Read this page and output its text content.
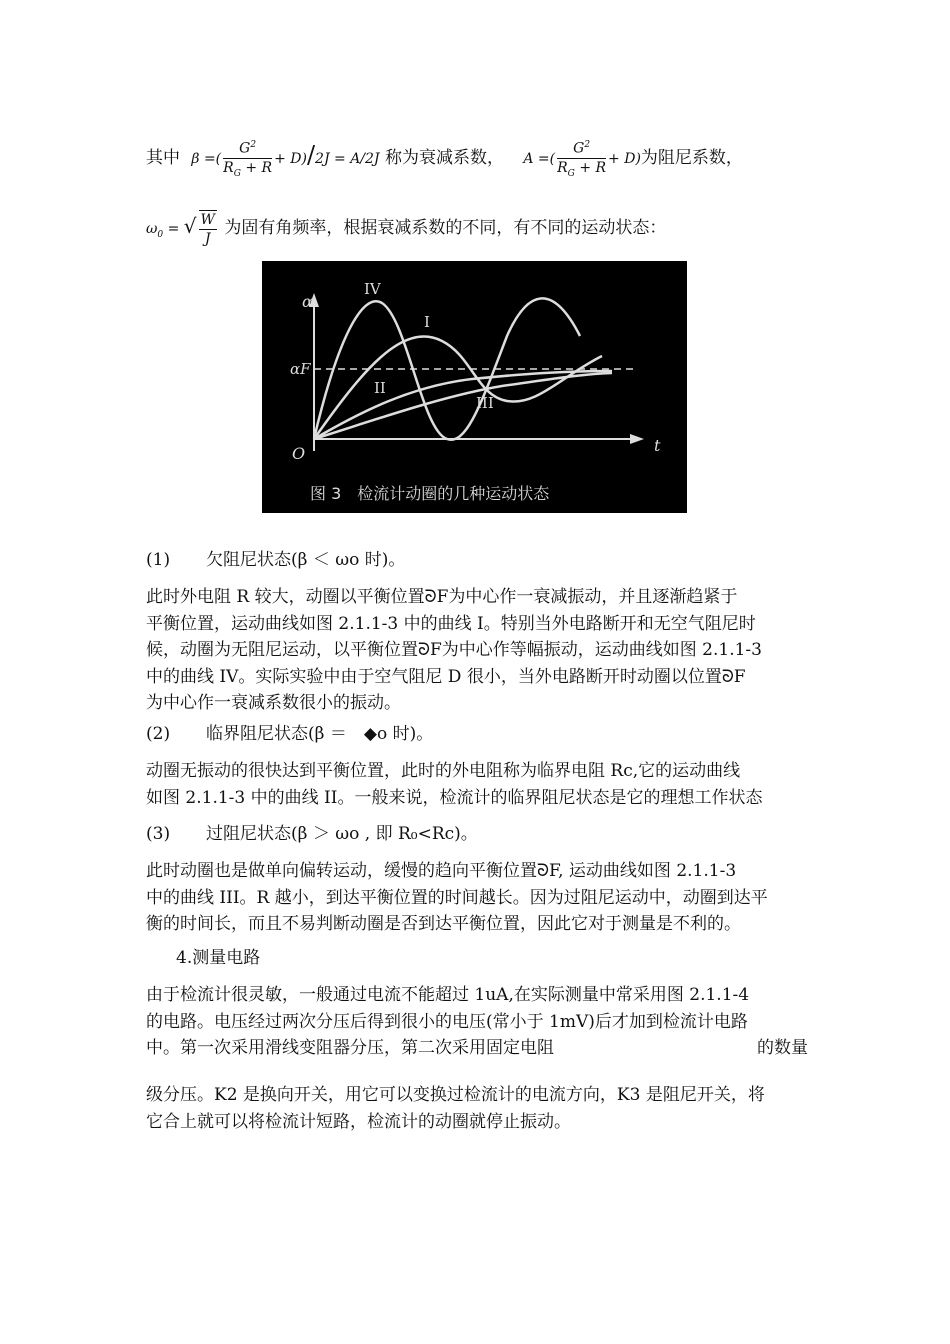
其中 β =( $\frac{G^2}{R_G + R} + D)/2J = A/2J$ 称为衰减系数， A =( $\frac{G^2}{R_G + R} + D$)为阻尼系数，
$\omega_0$ = √ $\frac{W}{J}$ 为固有角频率，根据衰减系数的不同，有不同的运动状态：
α
t
O
αF
IV
I
II
III
图 3　检流计动圈的几种运动状态
(1) 欠阻尼状态(β ＜ ωo 时)。
此时外电阻 R 较大，动圈以平衡位置ᘐF为中心作一衰减振动，并且逐渐趋紧于
平衡位置，运动曲线如图 2.1.1-3 中的曲线 I。特别当外电路断开和无空气阻尼时
候，动圈为无阻尼运动，以平衡位置ᘐF为中心作等幅振动，运动曲线如图 2.1.1-3
中的曲线 IV。实际实验中由于空气阻尼 D 很小，当外电路断开时动圈以位置ᘐF
为中心作一衰减系数很小的振动。
(2) 临界阻尼状态(β ＝　◆o 时)。
动圈无振动的很快达到平衡位置，此时的外电阻称为临界电阻 Rc,它的运动曲线
如图 2.1.1-3 中的曲线 II。一般来说，检流计的临界阻尼状态是它的理想工作状态
(3) 过阻尼状态(β ＞ ωo , 即 R₀<Rc)。
此时动圈也是做单向偏转运动，缓慢的趋向平衡位置ᘐF, 运动曲线如图 2.1.1-3
中的曲线 III。R 越小，到达平衡位置的时间越长。因为过阻尼运动中，动圈到达平
衡的时间长，而且不易判断动圈是否到达平衡位置，因此它对于测量是不利的。
4.测量电路
由于检流计很灵敏，一般通过电流不能超过 1uA,在实际测量中常采用图 2.1.1-4
的电路。电压经过两次分压后得到很小的电压(常小于 1mV)后才加到检流计电路
中。第一次采用滑线变阻器分压，第二次采用固定电阻	的数量
级分压。K2 是换向开关，用它可以变换过检流计的电流方向，K3 是阻尼开关，将
它合上就可以将检流计短路，检流计的动圈就停止振动。
